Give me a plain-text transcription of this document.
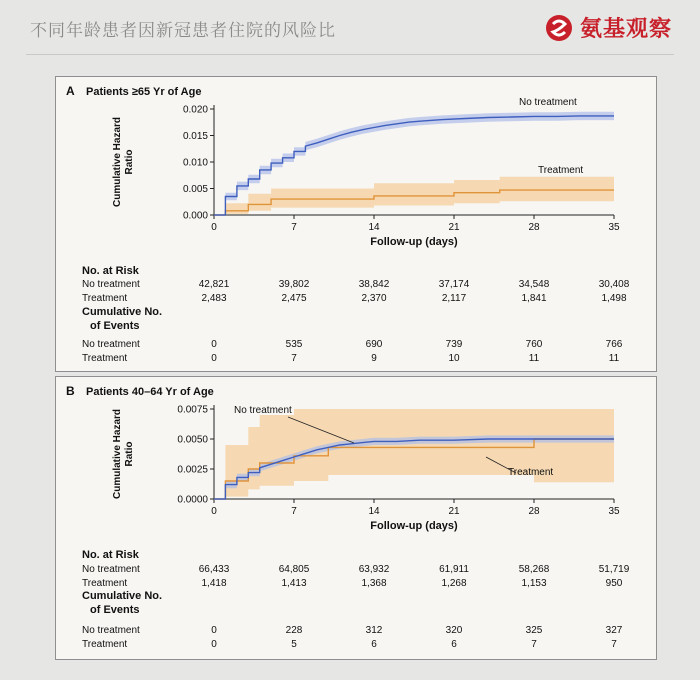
不同年龄患者因新冠患者住院的风险比	氨基观察
A Patients ≥65 Yr of Age
Cumulative Hazard Ratio
0.000
0.005
0.010
0.015
0.020
0	7	14	21	28	35
Follow-up (days)
No treatment
Treatment
No. at Risk
No treatment	42,821	39,802	38,842	37,174	34,548	30,408
Treatment	2,483	2,475	2,370	2,117	1,841	1,498
Cumulative No.
of Events
No treatment	0	535	690	739	760	766
Treatment	0	7	9	10	11	11
B Patients 40–64 Yr of Age
Cumulative Hazard Ratio
0.0000
0.0025
0.0050
0.0075
0	7	14	21	28	35
Follow-up (days)
No treatment
Treatment
No. at Risk
No treatment	66,433	64,805	63,932	61,911	58,268	51,719
Treatment	1,418	1,413	1,368	1,268	1,153	950
Cumulative No.
of Events
No treatment	0	228	312	320	325	327
Treatment	0	5	6	6	7	7
